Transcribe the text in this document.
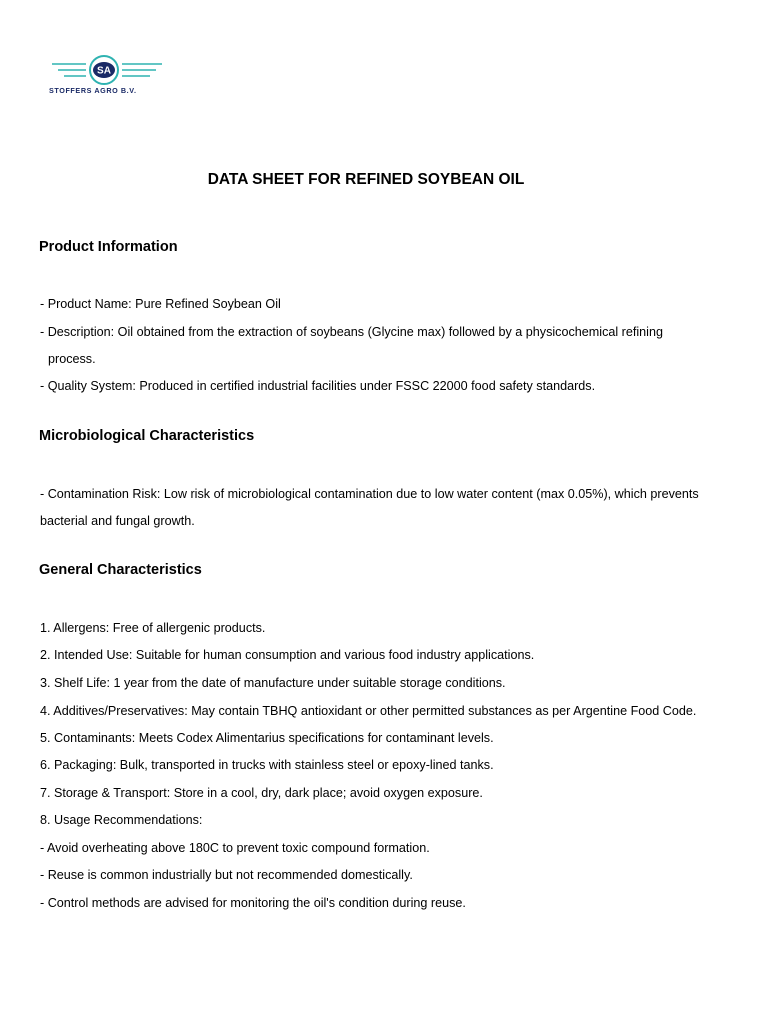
SA
STOFFERS AGRO B.V.
DATA SHEET FOR REFINED SOYBEAN OIL
Product Information
- Product Name: Pure Refined Soybean Oil
- Description: Oil obtained from the extraction of soybeans (Glycine max) followed by a physicochemical refining
process.
- Quality System: Produced in certified industrial facilities under FSSC 22000 food safety standards.
Microbiological Characteristics
- Contamination Risk: Low risk of microbiological contamination due to low water content (max 0.05%), which prevents
bacterial and fungal growth.
General Characteristics
1. Allergens: Free of allergenic products.
2. Intended Use: Suitable for human consumption and various food industry applications.
3. Shelf Life: 1 year from the date of manufacture under suitable storage conditions.
4. Additives/Preservatives: May contain TBHQ antioxidant or other permitted substances as per Argentine Food Code.
5. Contaminants: Meets Codex Alimentarius specifications for contaminant levels.
6. Packaging: Bulk, transported in trucks with stainless steel or epoxy-lined tanks.
7. Storage & Transport: Store in a cool, dry, dark place; avoid oxygen exposure.
8. Usage Recommendations:
- Avoid overheating above 180C to prevent toxic compound formation.
- Reuse is common industrially but not recommended domestically.
- Control methods are advised for monitoring the oil's condition during reuse.
